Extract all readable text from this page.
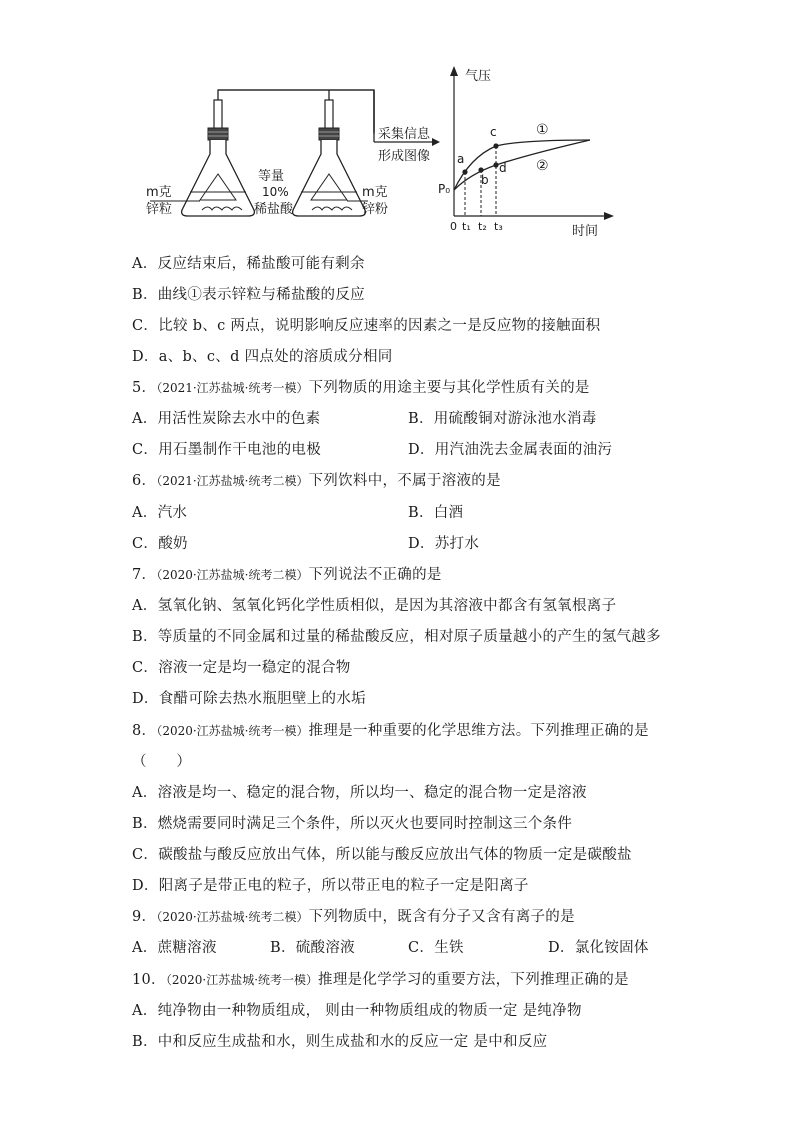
m克
锌粒
等量
10%
稀盐酸
m克
锌粉
采集信息
形成图像
气压
时间
P₀
0 t₁ t₂ t₃
a
b
c
d
①
②
A．反应结束后，稀盐酸可能有剩余
B．曲线①表示锌粒与稀盐酸的反应
C．比较 b、c 两点，说明影响反应速率的因素之一是反应物的接触面积
D．a、b、c、d 四点处的溶质成分相同
5．（2021·江苏盐城·统考一模）下列物质的用途主要与其化学性质有关的是
A．用活性炭除去水中的色素	B．用硫酸铜对游泳池水消毒
C．用石墨制作干电池的电极	D．用汽油洗去金属表面的油污
6．（2021·江苏盐城·统考二模）下列饮料中，不属于溶液的是
A．汽水	B．白酒
C．酸奶	D．苏打水
7．（2020·江苏盐城·统考二模）下列说法不正确的是
A．氢氧化钠、氢氧化钙化学性质相似，是因为其溶液中都含有氢氧根离子
B．等质量的不同金属和过量的稀盐酸反应，相对原子质量越小的产生的氢气越多
C．溶液一定是均一稳定的混合物
D．食醋可除去热水瓶胆壁上的水垢
8．（2020·江苏盐城·统考一模）推理是一种重要的化学思维方法。下列推理正确的是
（　　）
A．溶液是均一、稳定的混合物，所以均一、稳定的混合物一定是溶液
B．燃烧需要同时满足三个条件，所以灭火也要同时控制这三个条件
C．碳酸盐与酸反应放出气体，所以能与酸反应放出气体的物质一定是碳酸盐
D．阳离子是带正电的粒子，所以带正电的粒子一定是阳离子
9．（2020·江苏盐城·统考二模）下列物质中，既含有分子又含有离子的是
A．蔗糖溶液	B．硫酸溶液	C．生铁	D．氯化铵固体
10．（2020·江苏盐城·统考一模）推理是化学学习的重要方法，下列推理正确的是
A．纯净物由一种物质组成， 则由一种物质组成的物质一定 是纯净物
B．中和反应生成盐和水，则生成盐和水的反应一定 是中和反应
